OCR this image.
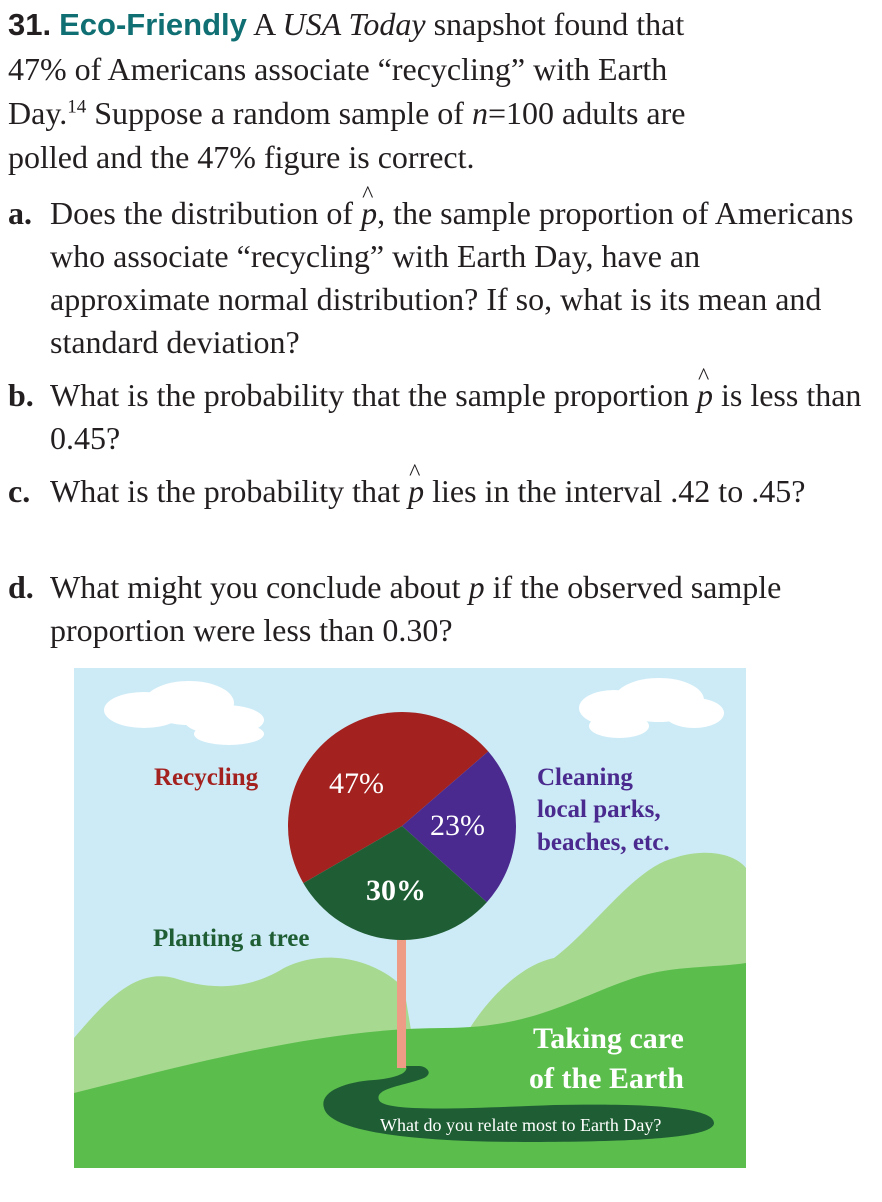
31. Eco-Friendly A USA Today snapshot found that
47% of Americans associate “recycling” with Earth
Day.$^{14}$ Suppose a random sample of n=100 adults are
polled and the 47% figure is correct.

a. Does the distribution of ^ p, the sample proportion of Americans who associate “recycling” with Earth Day, have an approximate normal distribution? If so, what is its mean and standard deviation?
b. What is the probability that the sample proportion ^ p is less than 0.45?
c. What is the probability that ^ p lies in the interval .42 to .45?
d. What might you conclude about p if the observed sample proportion were less than 0.30?
47%
23%
30%
Recycling	Cleaning
local parks,
beaches, etc.
Planting a tree
Taking care
of the Earth
What do you relate most to Earth Day?
